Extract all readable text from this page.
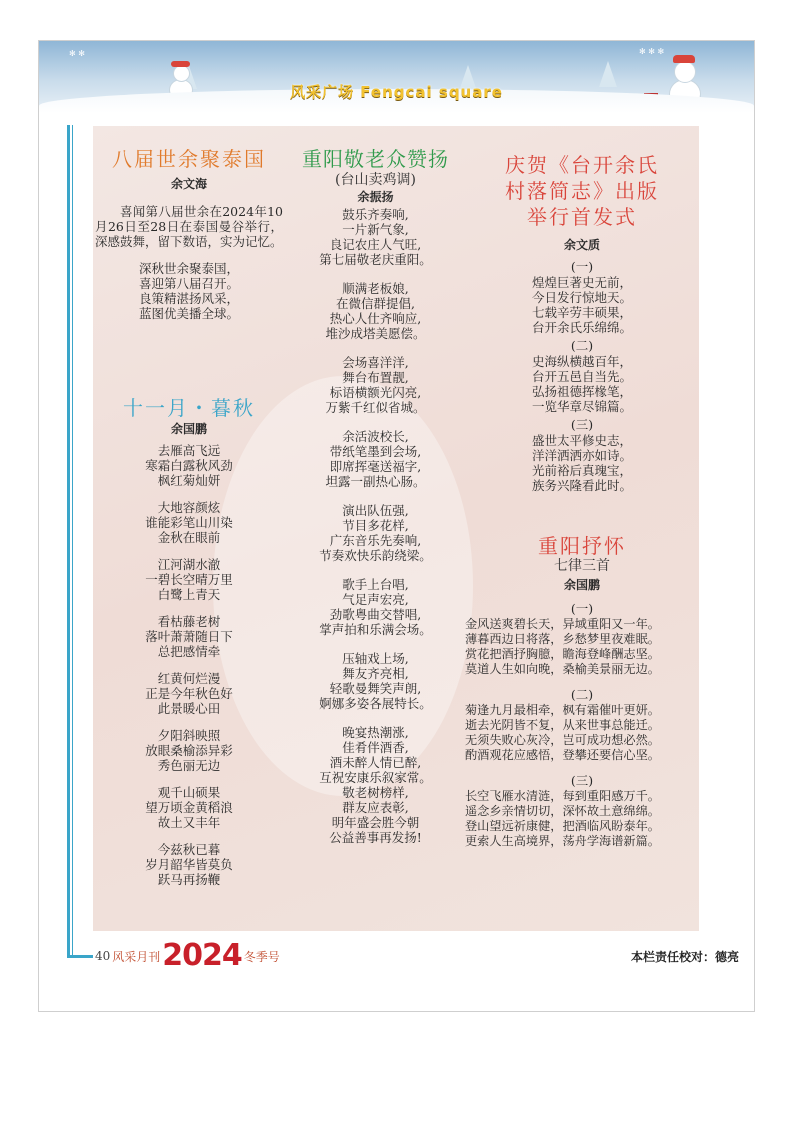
✻ ✻	✻ ✻ ✻
风采广场 Fengcai square
八届世余聚泰国
余文海
喜闻第八届世余在2024年10月26日至28日在泰国曼谷举行，深感鼓舞，留下数语，实为记忆。
深秋世余聚泰国，
喜迎第八届召开。
良策精湛扬风采，
蓝图优美播全球。
十一月・暮秋
余国鹏
去雁高飞远
寒霜白露秋风劲
枫红菊灿妍
大地容颜炫
谁能彩笔山川染
金秋在眼前
江河湖水澈
一碧长空晴万里
白鹭上青天
看枯藤老树
落叶萧萧随日下
总把感情牵
红黄何烂漫
正是今年秋色好
此景暖心田
夕阳斜映照
放眼桑榆添异彩
秀色丽无边
观千山硕果
望万顷金黄稻浪
故土又丰年
今兹秋已暮
岁月韶华皆莫负
跃马再扬鞭
重阳敬老众赞扬
(台山卖鸡调)
余振扬
鼓乐齐奏响,
一片新气象,
良记农庄人气旺,
第七届敬老庆重阳。
顺满老板娘,
在微信群提倡,
热心人仕齐响应,
堆沙成塔美愿偿。
会场喜洋洋,
舞台布置靓,
标语横额光闪亮,
万紫千红似省城。
余活波校长,
带纸笔墨到会场,
即席挥毫送福字,
坦露一副热心肠。
演出队伍强,
节目多花样,
广东音乐先奏响,
节奏欢快乐韵绕梁。
歌手上台唱,
气足声宏亮,
劲歌粤曲交替唱,
掌声拍和乐满会场。
压轴戏上场,
舞友齐亮相,
轻歌曼舞笑声朗,
婀娜多姿各展特长。
晚宴热潮涨,
佳肴伴酒香,
酒未醉人情已醉,
互祝安康乐叙家常。
敬老树榜样,
群友应表彰,
明年盛会胜今朝
公益善事再发扬!
庆贺《台开余氏
村落简志》出版
举行首发式
余文质
(一)
煌煌巨著史无前，
今日发行惊地天。
七载辛劳丰硕果，
台开余氏乐绵绵。
(二)
史海纵横越百年，
台开五邑自当先。
弘扬祖德挥椽笔，
一览华章尽锦篇。
(三)
盛世太平修史志，
洋洋洒洒亦如诗。
光前裕后真瑰宝，
族务兴隆看此时。
重阳抒怀
七律三首
余国鹏
(一)
金风送爽碧长天，异域重阳又一年。
薄暮西边日将落，乡愁梦里夜难眠。
赏花把酒抒胸臆，瞻海登峰酬志坚。
莫道人生如向晚，桑榆美景丽无边。
(二)
菊逢九月最相牵，枫有霜催叶更妍。
逝去光阴皆不复，从来世事总能迁。
无须失败心灰冷，岂可成功想必然。
酌酒观花应感悟，登攀还要信心坚。
(三)
长空飞雁水清涟，每到重阳感万千。
遥念乡亲情切切，深怀故土意绵绵。
登山望远祈康健，把酒临风盼泰年。
更索人生高境界，荡舟学海谱新篇。
40 风采月刊 2024 冬季号	本栏责任校对：德亮
